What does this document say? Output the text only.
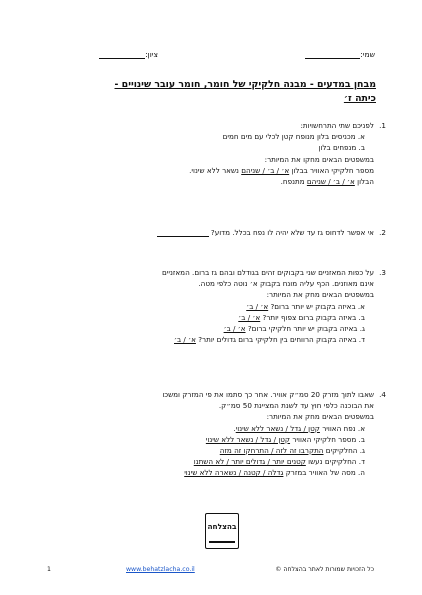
שמי:
ציון:
מבחן במדעים - מבנה חלקיקי של חומר, חומר עובר שינויים -
כיתה ז׳
1.
לפניכם שתי התרחשויות:
א. מכניסים בלון מנופח קטן לכלי עם מים חמים
ב. מנפחים בלון
במשפטים הבאים מחקו את המיותר:
מספר חלקיקי האוויר בבלון א׳ / ב׳ / שניהם נשאר ללא שינוי.
הבלון א׳ / ב׳ / שניהם מתנפח.
2.
אי אפשר לדחוס גז עד שלא יהיה לו נפח בכלל. מדוע?
3.
על כפות המאזניים שני בקבוקים זהים בגודלם ובהם גז ברום. המאזניים
אינם מאוזנים. הכף עליה מונח בקבוק א׳ נוטה כלפי מטה.
במשפטים הבאים מחק את המיותר:
א. באיזה בקבוק יש יותר ברום? א׳ / ב׳
ב. באיזה בקבוק ברום צפוף יותר? א׳ / ב׳
ג. באיזה בקבוק יש יותר חלקיקי ברום? א׳ / ב׳
ד. באיזה בקבוק הרווחים בין חלקיקי ברום גדולים יותר? א׳ / ב׳
4.
שאבו לתוך מזרק 20 סמ״ק אוויר. אחר כך סתמו את פי המזרק ומשכו
את הבוכנה כלפי חוץ עד לשנת המציינת 50 סמ״ק.
במשפטים הבאים מחק את המיותר:
א. נפח האוויר קטן / גדל / נשאר ללא שינוי.
ב. מספר חלקיקי האוויר קטן / גדל / נשאר ללא שינוי
ג. החלקיקים התקרבו זה לזה / התרחקו זה מזה
ד. החלקיקים נעשו קטנים יותר / גדולים יותר / לא השתנו
ה. מסה של האוויר במזרק גדלה / קטנה / נשארה ללא שינוי
בהצלחה
כל הזכויות שמורות לאתר בהצלחה ©
www.behatzlacha.co.il
1
